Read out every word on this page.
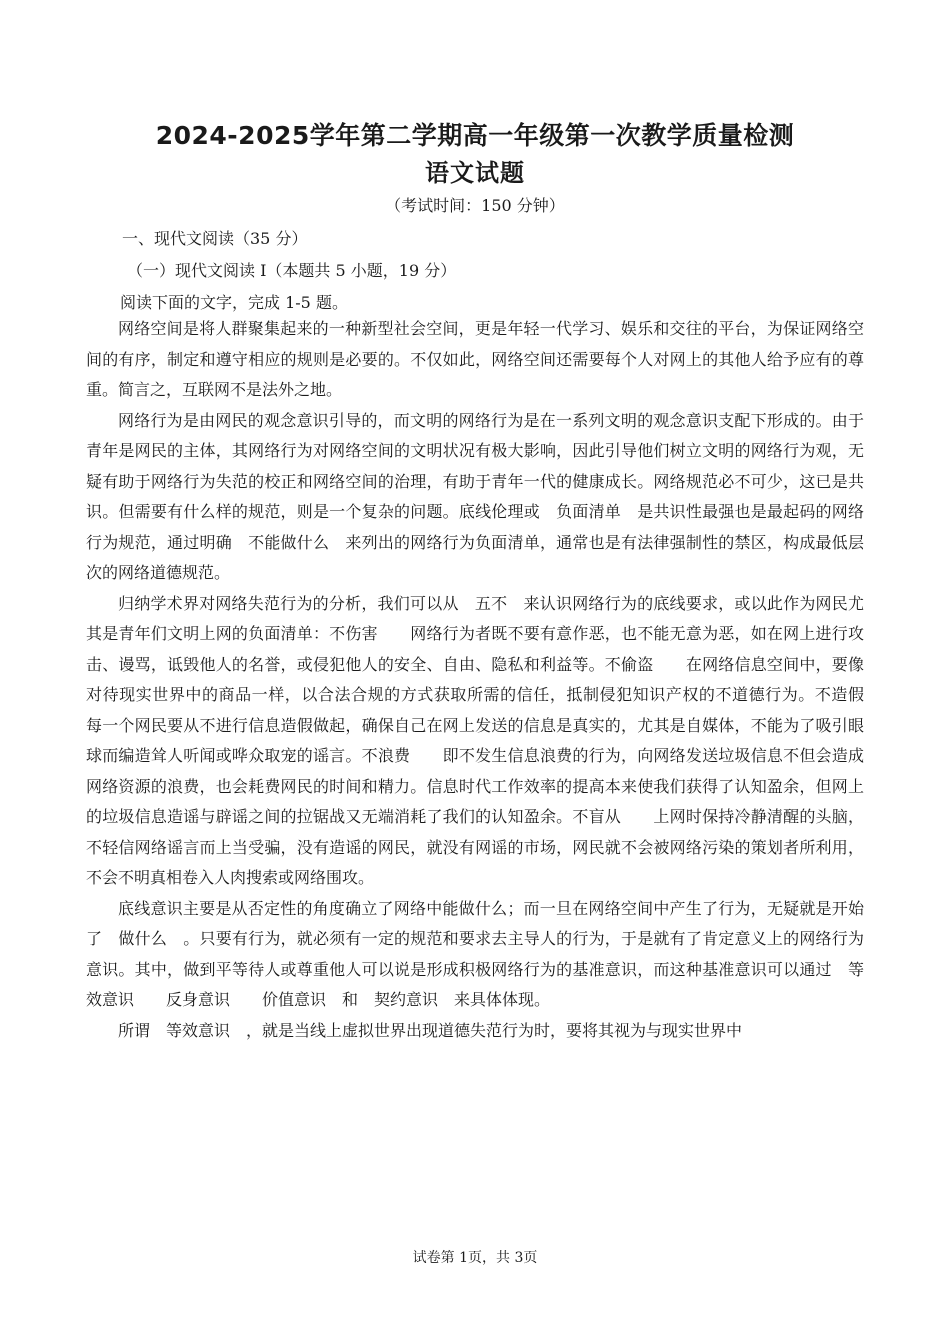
2024-2025学年第二学期高一年级第一次教学质量检测
语文试题
（考试时间：150 分钟）
一、现代文阅读（35 分）
（一）现代文阅读 I（本题共 5 小题，19 分）
阅读下面的文字，完成 1-5 题。

网络空间是将人群聚集起来的一种新型社会空间，更是年轻一代学习、娱乐和交往的平台，为保证网络空间的有序，制定和遵守相应的规则是必要的。不仅如此，网络空间还需要每个人对网上的其他人给予应有的尊重。简言之，互联网不是法外之地。

网络行为是由网民的观念意识引导的，而文明的网络行为是在一系列文明的观念意识支配下形成的。由于青年是网民的主体，其网络行为对网络空间的文明状况有极大影响，因此引导他们树立文明的网络行为观，无疑有助于网络行为失范的校正和网络空间的治理，有助于青年一代的健康成长。网络规范必不可少，这已是共识。但需要有什么样的规范，则是一个复杂的问题。底线伦理或　负面清单　是共识性最强也是最起码的网络行为规范，通过明确　不能做什么　来列出的网络行为负面清单，通常也是有法律强制性的禁区，构成最低层次的网络道德规范。

归纳学术界对网络失范行为的分析，我们可以从　五不　来认识网络行为的底线要求，或以此作为网民尤其是青年们文明上网的负面清单：不伤害　　网络行为者既不要有意作恶，也不能无意为恶，如在网上进行攻击、谩骂，诋毁他人的名誉，或侵犯他人的安全、自由、隐私和利益等。不偷盗　　在网络信息空间中，要像对待现实世界中的商品一样，以合法合规的方式获取所需的信任，抵制侵犯知识产权的不道德行为。不造假　　每一个网民要从不进行信息造假做起，确保自己在网上发送的信息是真实的，尤其是自媒体，不能为了吸引眼球而编造耸人听闻或哗众取宠的谣言。不浪费　　即不发生信息浪费的行为，向网络发送垃圾信息不但会造成网络资源的浪费，也会耗费网民的时间和精力。信息时代工作效率的提高本来使我们获得了认知盈余，但网上的垃圾信息造谣与辟谣之间的拉锯战又无端消耗了我们的认知盈余。不盲从　　上网时保持冷静清醒的头脑，不轻信网络谣言而上当受骗，没有造谣的网民，就没有网谣的市场，网民就不会被网络污染的策划者所利用，不会不明真相卷入人肉搜索或网络围攻。

底线意识主要是从否定性的角度确立了网络中能做什么；而一旦在网络空间中产生了行为，无疑就是开始了　做什么　。只要有行为，就必须有一定的规范和要求去主导人的行为，于是就有了肯定意义上的网络行为意识。其中，做到平等待人或尊重他人可以说是形成积极网络行为的基准意识，而这种基准意识可以通过　等效意识　　反身意识　　价值意识　和　契约意识　来具体体现。

所谓　等效意识　，就是当线上虚拟世界出现道德失范行为时，要将其视为与现实世界中

试卷第 1页，共 3页
